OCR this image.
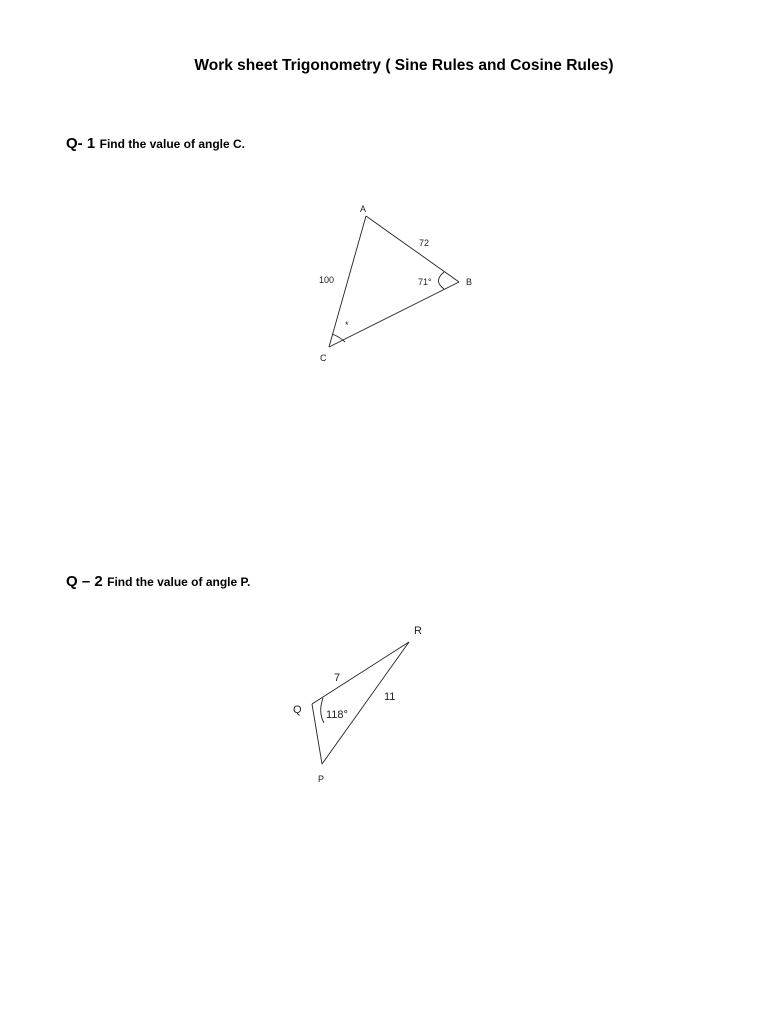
Work sheet Trigonometry ( Sine Rules and Cosine Rules)
Q- 1 Find the value of angle C.
A
B
C
72
100	71°
*
R
Q
P
7
11
118°
Q – 2 Find the value of angle P.
